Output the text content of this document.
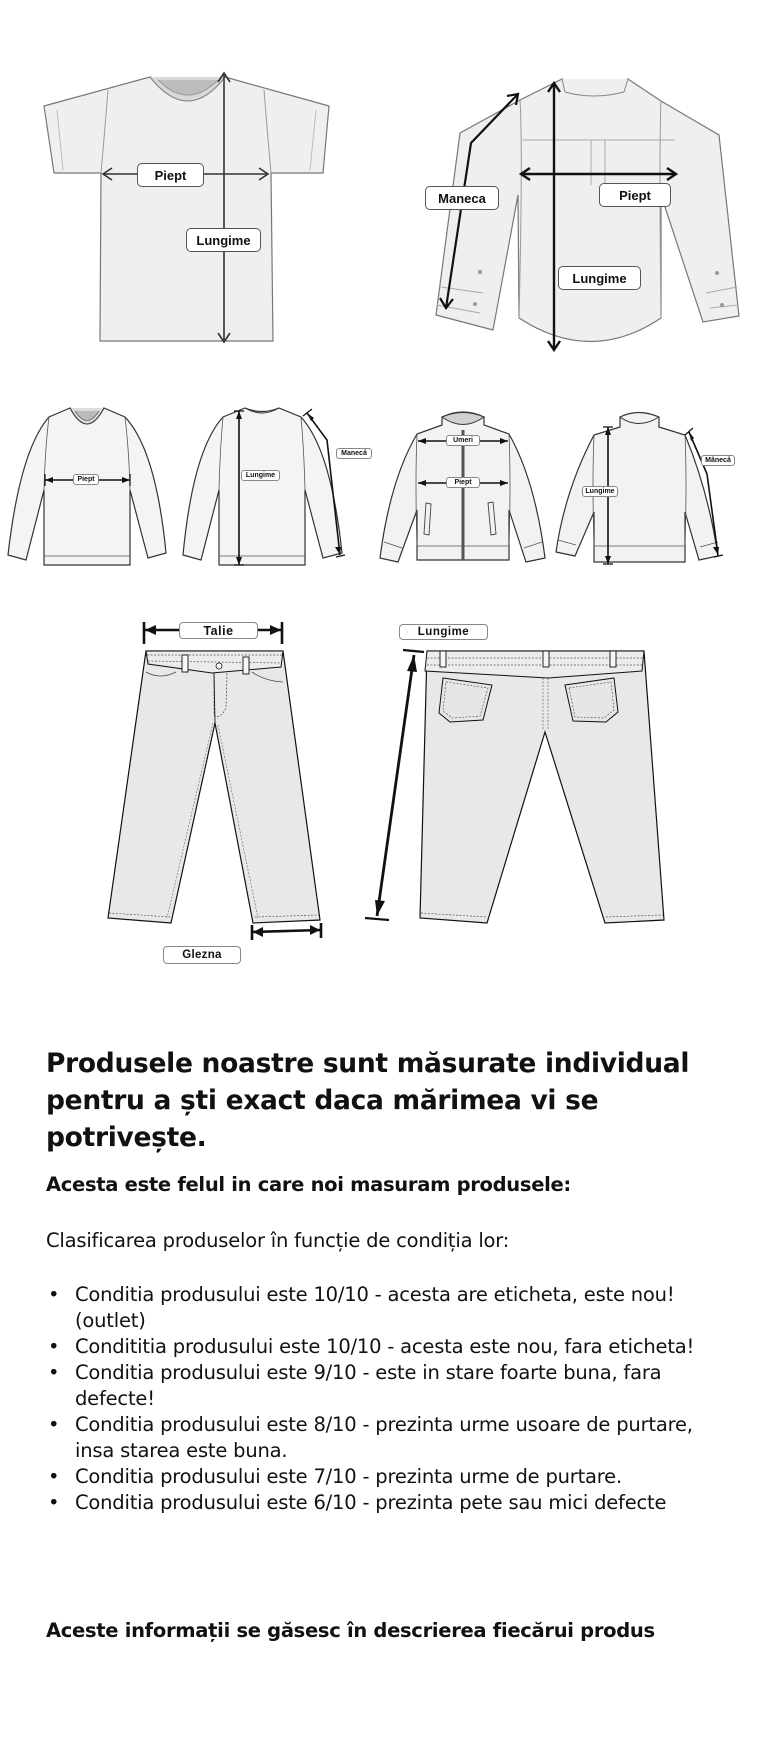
Piept
Lungime
Maneca	Piept
Lungime
Piept
Lungime
Manecă
Umeri
Piept
Lungime
Mânecă
Talie
Glezna
Lungime
Produsele noastre sunt măsurate individual pentru a ști exact daca mărimea vi se potrivește.

Acesta este felul in care noi masuram produsele:

Clasificarea produselor în funcție de condiția lor:

• Conditia produsului este 10/10 - acesta are eticheta, este nou! (outlet)
• Condititia produsului este 10/10 - acesta este nou, fara eticheta!
• Conditia produsului este 9/10 - este in stare foarte buna, fara defecte!
• Conditia produsului este 8/10 - prezinta urme usoare de purtare, insa starea este buna.
• Conditia produsului este 7/10 - prezinta urme de purtare.
• Conditia produsului este 6/10 - prezinta pete sau mici defecte

Aceste informații se găsesc în descrierea fiecărui produs
